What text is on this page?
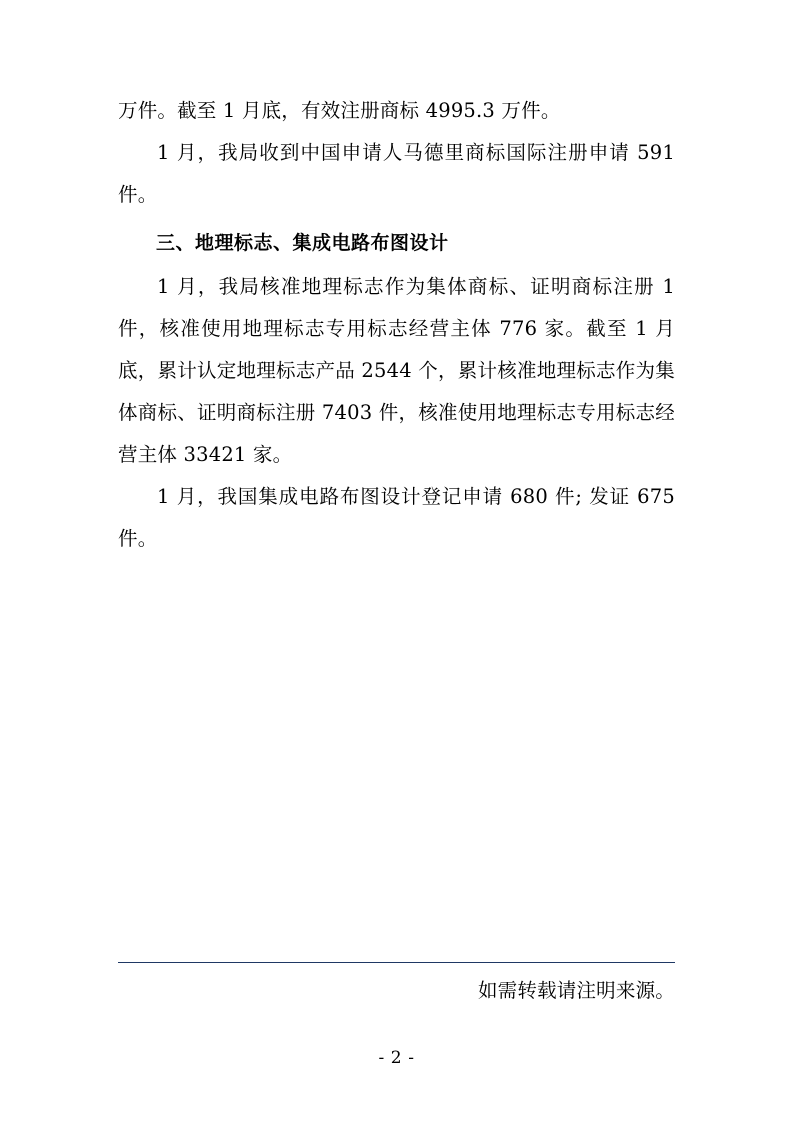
万件。截至 1 月底，有效注册商标 4995.3 万件。

1 月，我局收到中国申请人马德里商标国际注册申请 591 件。

三、地理标志、集成电路布图设计

1 月，我局核准地理标志作为集体商标、证明商标注册 1 件，核准使用地理标志专用标志经营主体 776 家。截至 1 月底，累计认定地理标志产品 2544 个，累计核准地理标志作为集体商标、证明商标注册 7403 件，核准使用地理标志专用标志经营主体 33421 家。

1 月，我国集成电路布图设计登记申请 680 件; 发证 675 件。

如需转载请注明来源。
- 2 -
